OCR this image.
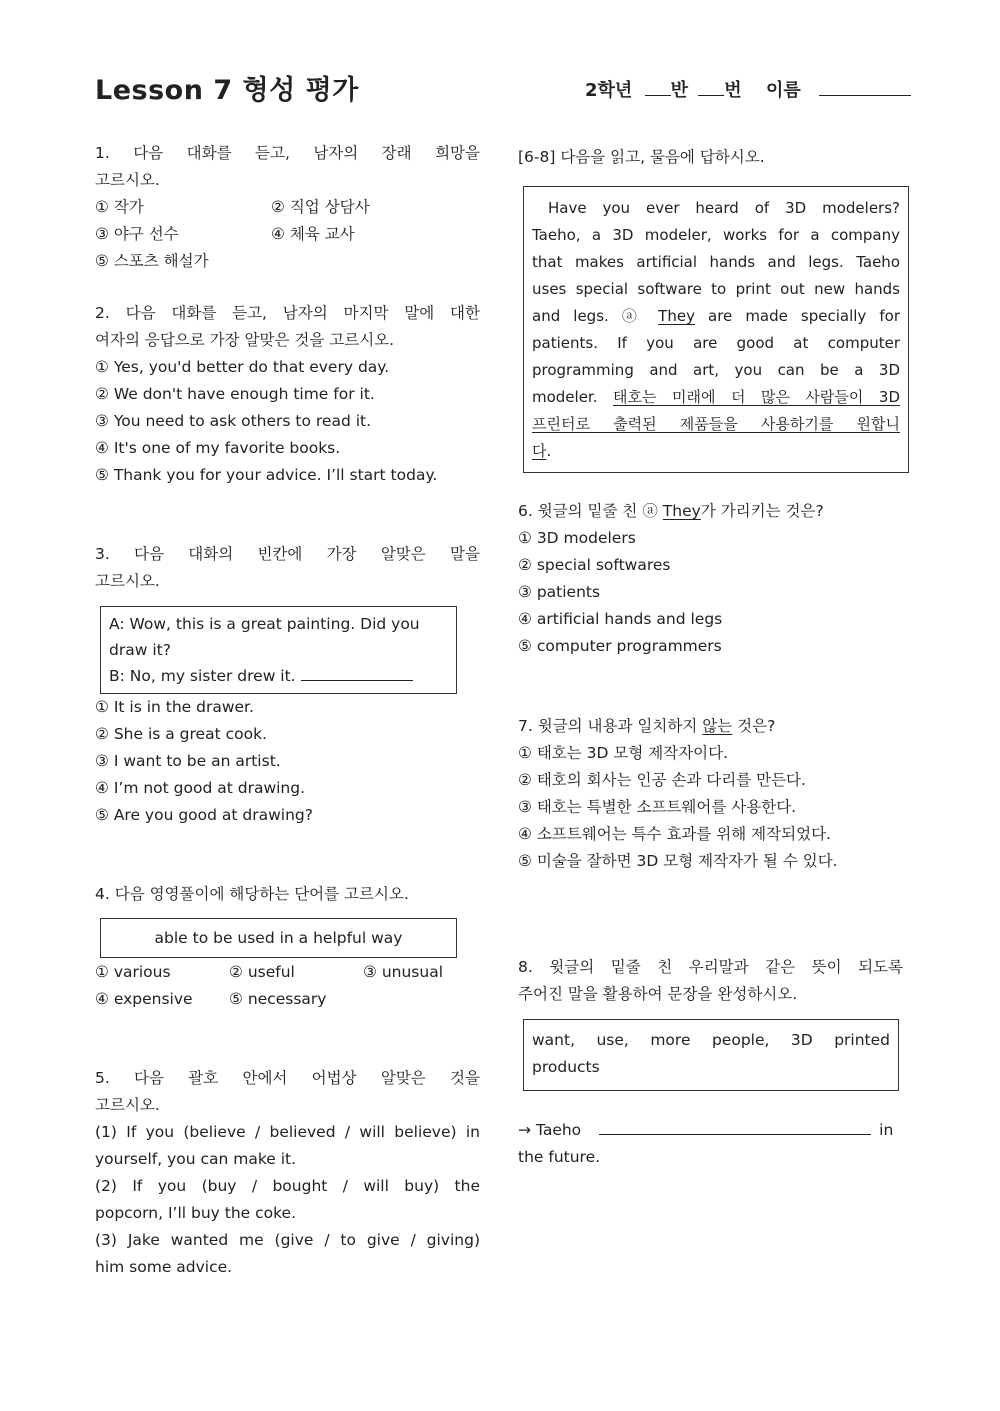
Lesson 7 형성 평가	2학년 반 번 이름

1. 다음 대화를 듣고, 남자의 장래 희망을

고르시오.

① 작가	② 직업 상담사
③ 야구 선수	④ 체육 교사
⑤ 스포츠 해설가

2. 다음 대화를 듣고, 남자의 마지막 말에 대한

여자의 응답으로 가장 알맞은 것을 고르시오.

① Yes, you'd better do that every day.

② We don't have enough time for it.

③ You need to ask others to read it.

④ It's one of my favorite books.

⑤ Thank you for your advice. I’ll start today.

3. 다음 대화의 빈칸에 가장 알맞은 말을

고르시오.

A: Wow, this is a great painting. Did you

draw it?

B: No, my sister drew it.

① It is in the drawer.

② She is a great cook.

③ I want to be an artist.

④ I’m not good at drawing.

⑤ Are you good at drawing?

4. 다음 영영풀이에 해당하는 단어를 고르시오.

able to be used in a helpful way
① various	② useful	③ unusual
④ expensive	⑤ necessary

5. 다음 괄호 안에서 어법상 알맞은 것을

고르시오.

(1) If you (believe / believed / will believe) in

yourself, you can make it.

(2) If you (buy / bought / will buy) the

popcorn, I’ll buy the coke.

(3) Jake wanted me (give / to give / giving)

him some advice.

[6-8] 다음을 읽고, 물음에 답하시오.

Have you ever heard of 3D modelers?

Taeho, a 3D modeler, works for a company

that makes artificial hands and legs. Taeho

uses special software to print out new hands

and legs. ⓐ They are made specially for

patients. If you are good at computer

programming and art, you can be a 3D

modeler. 태호는 미래에 더 많은 사람들이 3D

프린터로 출력된 제품들을 사용하기를 원합니

다.

6. 윗글의 밑줄 친 ⓐ They가 가리키는 것은?

① 3D modelers

② special softwares

③ patients

④ artificial hands and legs

⑤ computer programmers

7. 윗글의 내용과 일치하지 않는 것은?

① 태호는 3D 모형 제작자이다.

② 태호의 회사는 인공 손과 다리를 만든다.

③ 태호는 특별한 소프트웨어를 사용한다.

④ 소프트웨어는 특수 효과를 위해 제작되었다.

⑤ 미술을 잘하면 3D 모형 제작자가 될 수 있다.

8. 윗글의 밑줄 친 우리말과 같은 뜻이 되도록

주어진 말을 활용하여 문장을 완성하시오.

want, use, more people, 3D printed

products

→ Taeho	in

the future.
